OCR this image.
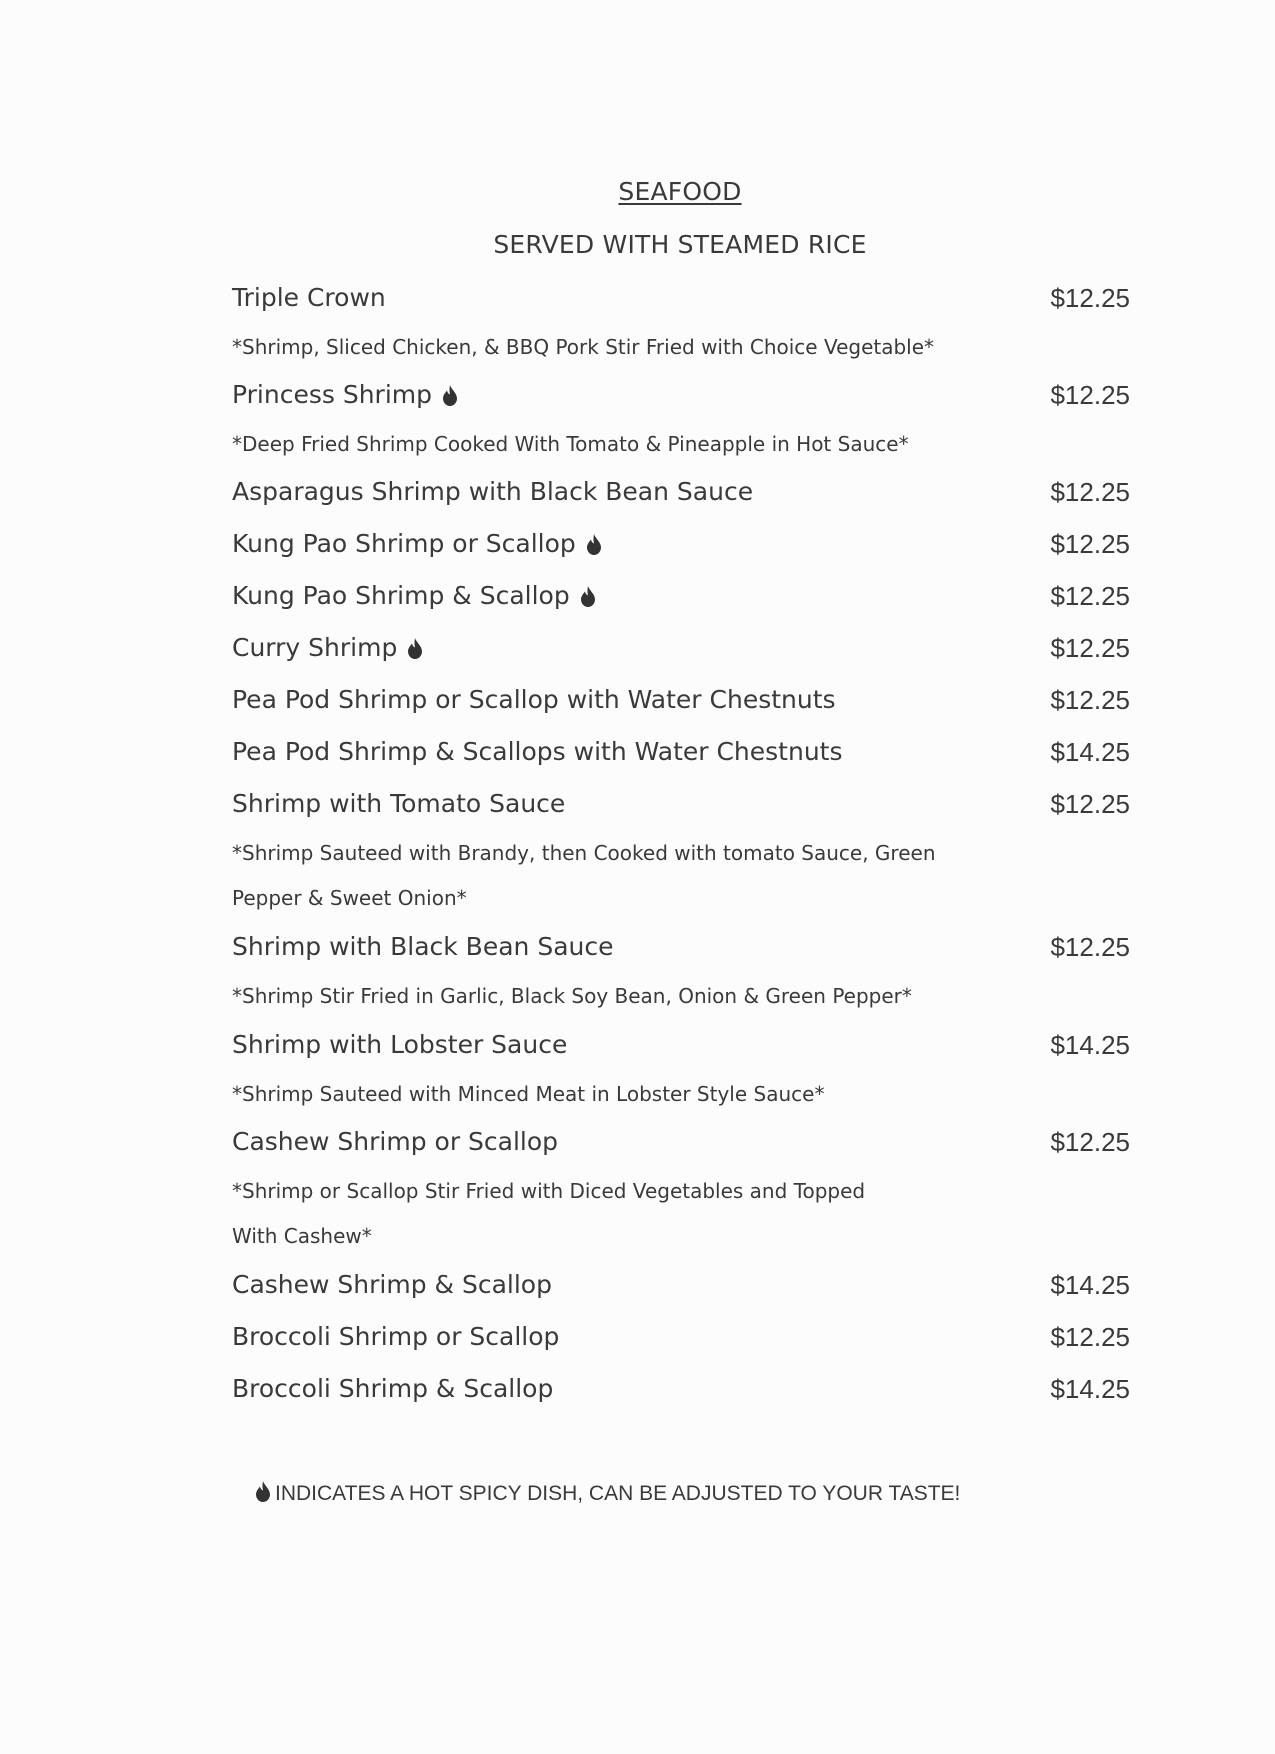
SEAFOOD
SERVED WITH STEAMED RICE
Triple Crown	$12.25
*Shrimp, Sliced Chicken, & BBQ Pork Stir Fried with Choice Vegetable*
Princess Shrimp	$12.25
*Deep Fried Shrimp Cooked With Tomato & Pineapple in Hot Sauce*
Asparagus Shrimp with Black Bean Sauce	$12.25
Kung Pao Shrimp or Scallop	$12.25
Kung Pao Shrimp & Scallop	$12.25
Curry Shrimp	$12.25
Pea Pod Shrimp or Scallop with Water Chestnuts	$12.25
Pea Pod Shrimp & Scallops with Water Chestnuts	$14.25
Shrimp with Tomato Sauce	$12.25
*Shrimp Sauteed with Brandy, then Cooked with tomato Sauce, Green
Pepper & Sweet Onion*
Shrimp with Black Bean Sauce	$12.25
*Shrimp Stir Fried in Garlic, Black Soy Bean, Onion & Green Pepper*
Shrimp with Lobster Sauce	$14.25
*Shrimp Sauteed with Minced Meat in Lobster Style Sauce*
Cashew Shrimp or Scallop	$12.25
*Shrimp or Scallop Stir Fried with Diced Vegetables and Topped
With Cashew*
Cashew Shrimp & Scallop	$14.25
Broccoli Shrimp or Scallop	$12.25
Broccoli Shrimp & Scallop	$14.25
INDICATES A HOT SPICY DISH, CAN BE ADJUSTED TO YOUR TASTE!
